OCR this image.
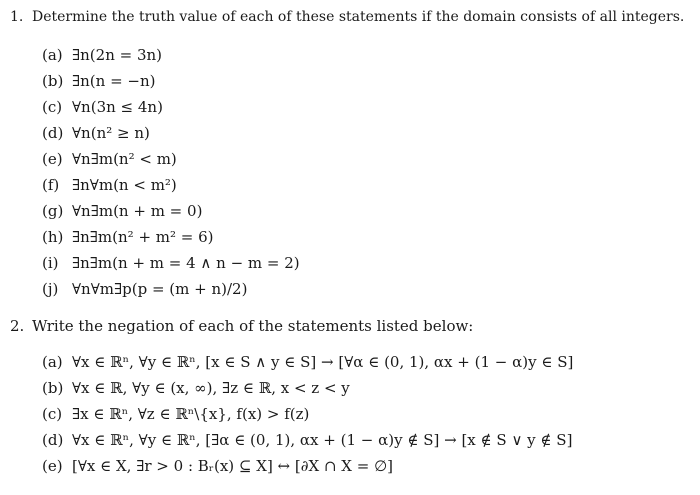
1. Determine the truth value of each of these statements if the domain consists of all integers.
(a) ∃n(2n = 3n)
(b) ∃n(n = −n)
(c) ∀n(3n ≤ 4n)
(d) ∀n(n² ≥ n)
(e) ∀n∃m(n² < m)
(f) ∃n∀m(n < m²)
(g) ∀n∃m(n + m = 0)
(h) ∃n∃m(n² + m² = 6)
(i) ∃n∃m(n + m = 4 ∧ n − m = 2)
(j) ∀n∀m∃p(p = (m + n)/2)
2. Write the negation of each of the statements listed below:
(a) ∀x ∈ ℝⁿ, ∀y ∈ ℝⁿ, [x ∈ S ∧ y ∈ S] → [∀α ∈ (0, 1), αx + (1 − α)y ∈ S]
(b) ∀x ∈ ℝ, ∀y ∈ (x, ∞), ∃z ∈ ℝ, x < z < y
(c) ∃x ∈ ℝⁿ, ∀z ∈ ℝⁿ\{x}, f(x) > f(z)
(d) ∀x ∈ ℝⁿ, ∀y ∈ ℝⁿ, [∃α ∈ (0, 1), αx + (1 − α)y ∉ S] → [x ∉ S ∨ y ∉ S]
(e) [∀x ∈ X, ∃r > 0 : Bᵣ(x) ⊆ X] ↔ [∂X ∩ X = ∅]
